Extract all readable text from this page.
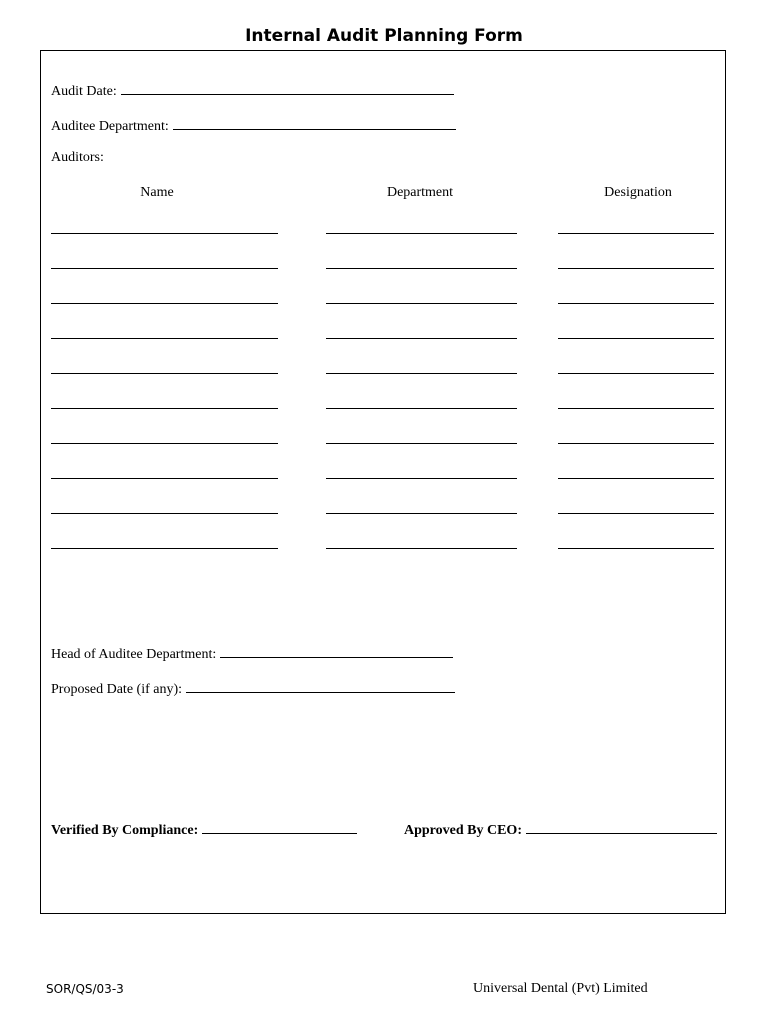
Internal Audit Planning Form
Audit Date:
Auditee Department:
Auditors:
Name	Department	Designation
Head of Auditee Department:
Proposed Date (if any):
Verified By Compliance:	Approved By CEO:
SOR/QS/03-3	Universal Dental (Pvt) Limited
